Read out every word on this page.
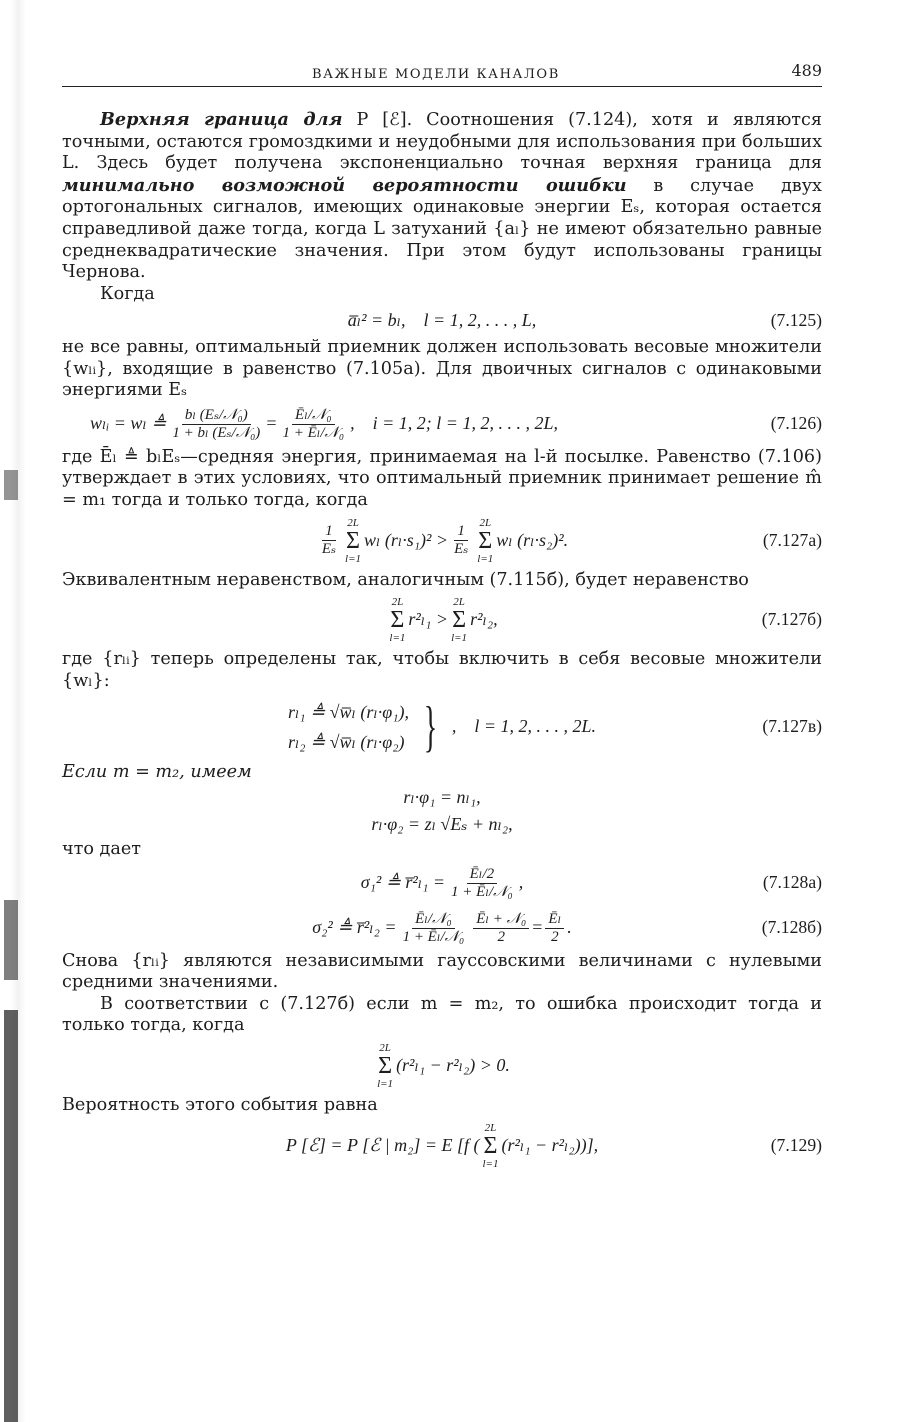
ВАЖНЫЕ МОДЕЛИ КАНАЛОВ	489

Верхняя граница для P [ℰ]. Соотношения (7.124), хотя и являются точными, остаются громоздкими и неудобными для использования при больших L. Здесь будет получена экспоненциально точная верхняя граница для минимально возможной вероятности ошибки в случае двух ортогональных сигналов, имеющих одинаковые энергии Eₛ, которая остается справедливой даже тогда, когда L затуханий {aₗ} не имеют обязательно равные среднеквадратические значения. При этом будут использованы границы Чернова.

Когда

a̅ₗ² = bₗ, l = 1, 2, . . . , L,	(7.125)

не все равны, оптимальный приемник должен использовать весовые множители {wₗᵢ}, входящие в равенство (7.105а). Для двоичных сигналов с одинаковыми энергиями Eₛ

wₗᵢ = wₗ ≜ $\frac{\text{bₗ (Eₛ/𝒩₀)}}{\text{1 + bₗ (Eₛ/𝒩₀)}} = \frac{\text{Ēₗ/𝒩₀}}{\text{1 + Ēₗ/𝒩₀}}$ , i = 1, 2; l = 1, 2, . . . , 2L,	(7.126)

где Ēₗ ≜ bₗEₛ—средняя энергия, принимаемая на l-й посылке. Равенство (7.106) утверждает в этих условиях, что оптимальный приемник принимает решение m̂ = m₁ тогда и только тогда, когда

$\frac{1}{\text{Eₛ}}$
2L
Σ
l=1
wₗ $(r_l\cdot s_1)^2 > \frac{1}{\text{Eₛ}}$
2L
Σ
l=1
wₗ (rₗ·s₂)².	(7.127а)

Эквивалентным неравенством, аналогичным (7.115б), будет неравенство

2L
Σ
l=1
r²ₗ₁ >
2L
Σ
l=1
r²ₗ₂,	(7.127б)

где {rₗᵢ} теперь определены так, чтобы включить в себя весовые множители {wₗ}:

rₗ₁ ≜ √w̅ₗ (rₗ·φ₁),
rₗ₂ ≜ √w̅ₗ (rₗ·φ₂) } , l = 1, 2, . . . , 2L.	(7.127в)

Если m = m₂, имеем

rₗ·φ₁ = nₗ₁,
rₗ·φ₂ = zₗ √Eₛ + nₗ₂,

что дает

σ₁² ≜ r̅²ₗ₁ = $\frac{\text{Ēₗ/2}}{\text{1 + Ēₗ/𝒩₀}}$ ,	(7.128а)
σ₂² ≜ r̅²ₗ₂ = $\frac{\text{Ēₗ/𝒩₀}}{\text{1 + Ēₗ/𝒩₀}} \frac{\text{Ēₗ + 𝒩₀}}{2} = \frac{\text{Ēₗ}}{2}$ .	(7.128б)

Снова {rₗᵢ} являются независимыми гауссовскими величинами с нулевыми средними значениями.

В соответствии с (7.127б) если m = m₂, то ошибка происходит тогда и только тогда, когда

2L
Σ
l=1
(r²ₗ₁ − r²ₗ₂) > 0.

Вероятность этого события равна

P [ℰ] = P [ℰ | m₂] = E [f (
2L
Σ
l=1
(r²ₗ₁ − r²ₗ₂))],	(7.129)
